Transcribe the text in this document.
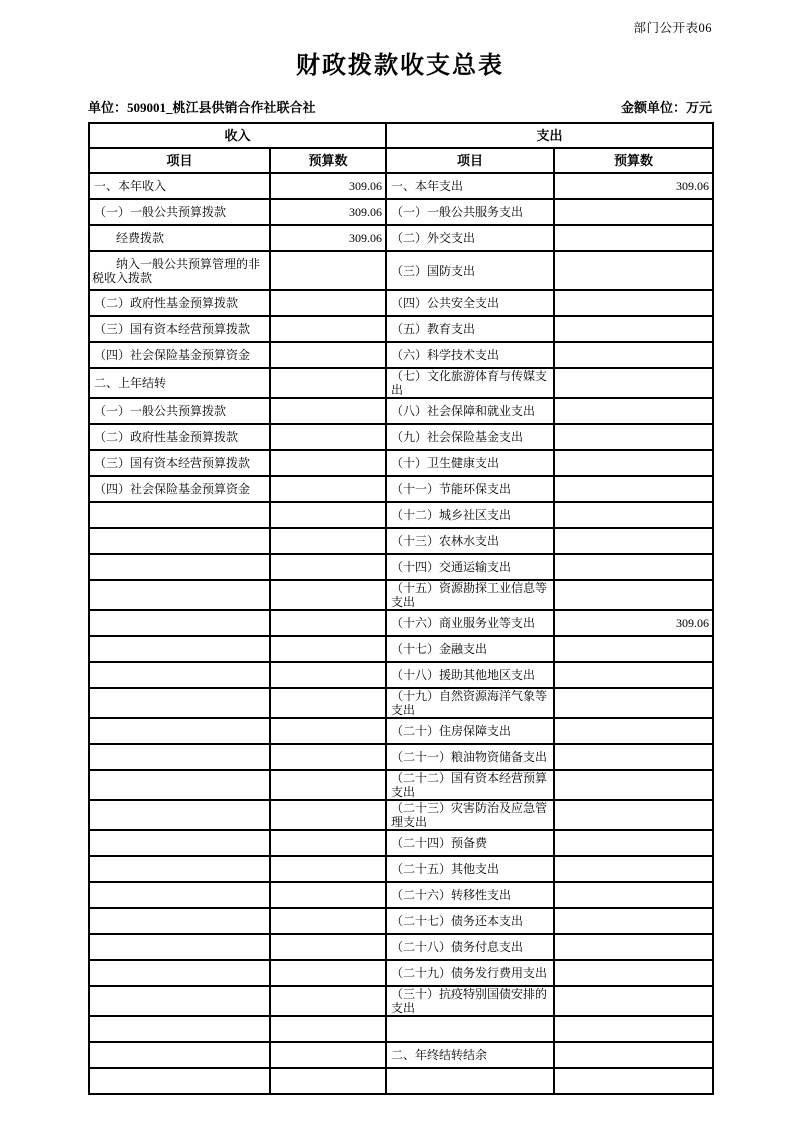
部门公开表06
财政拨款收支总表
单位：509001_桃江县供销合作社联合社	金额单位：万元
收入		支出	
项目	预算数	项目	预算数
一、本年收入	309.06	一、本年支出	309.06
（一）一般公共预算拨款	309.06	（一）一般公共服务支出	
经费拨款	309.06	（二）外交支出	
纳入一般公共预算管理的非税收入拨款		（三）国防支出	
（二）政府性基金预算拨款		（四）公共安全支出	
（三）国有资本经营预算拨款		（五）教育支出	
（四）社会保险基金预算资金		（六）科学技术支出	
二、上年结转		（七）文化旅游体育与传媒支出	
（一）一般公共预算拨款		（八）社会保障和就业支出	
（二）政府性基金预算拨款		（九）社会保险基金支出	
（三）国有资本经营预算拨款		（十）卫生健康支出	
（四）社会保险基金预算资金		（十一）节能环保支出	
		（十二）城乡社区支出	
		（十三）农林水支出	
		（十四）交通运输支出	
		（十五）资源勘探工业信息等支出	
		（十六）商业服务业等支出	309.06
		（十七）金融支出	
		（十八）援助其他地区支出	
		（十九）自然资源海洋气象等支出	
		（二十）住房保障支出	
		（二十一）粮油物资储备支出	
		（二十二）国有资本经营预算支出	
		（二十三）灾害防治及应急管理支出	
		（二十四）预备费	
		（二十五）其他支出	
		（二十六）转移性支出	
		（二十七）债务还本支出	
		（二十八）债务付息支出	
		（二十九）债务发行费用支出	
		（三十）抗疫特别国债安排的支出	

		二、年终结转结余	
